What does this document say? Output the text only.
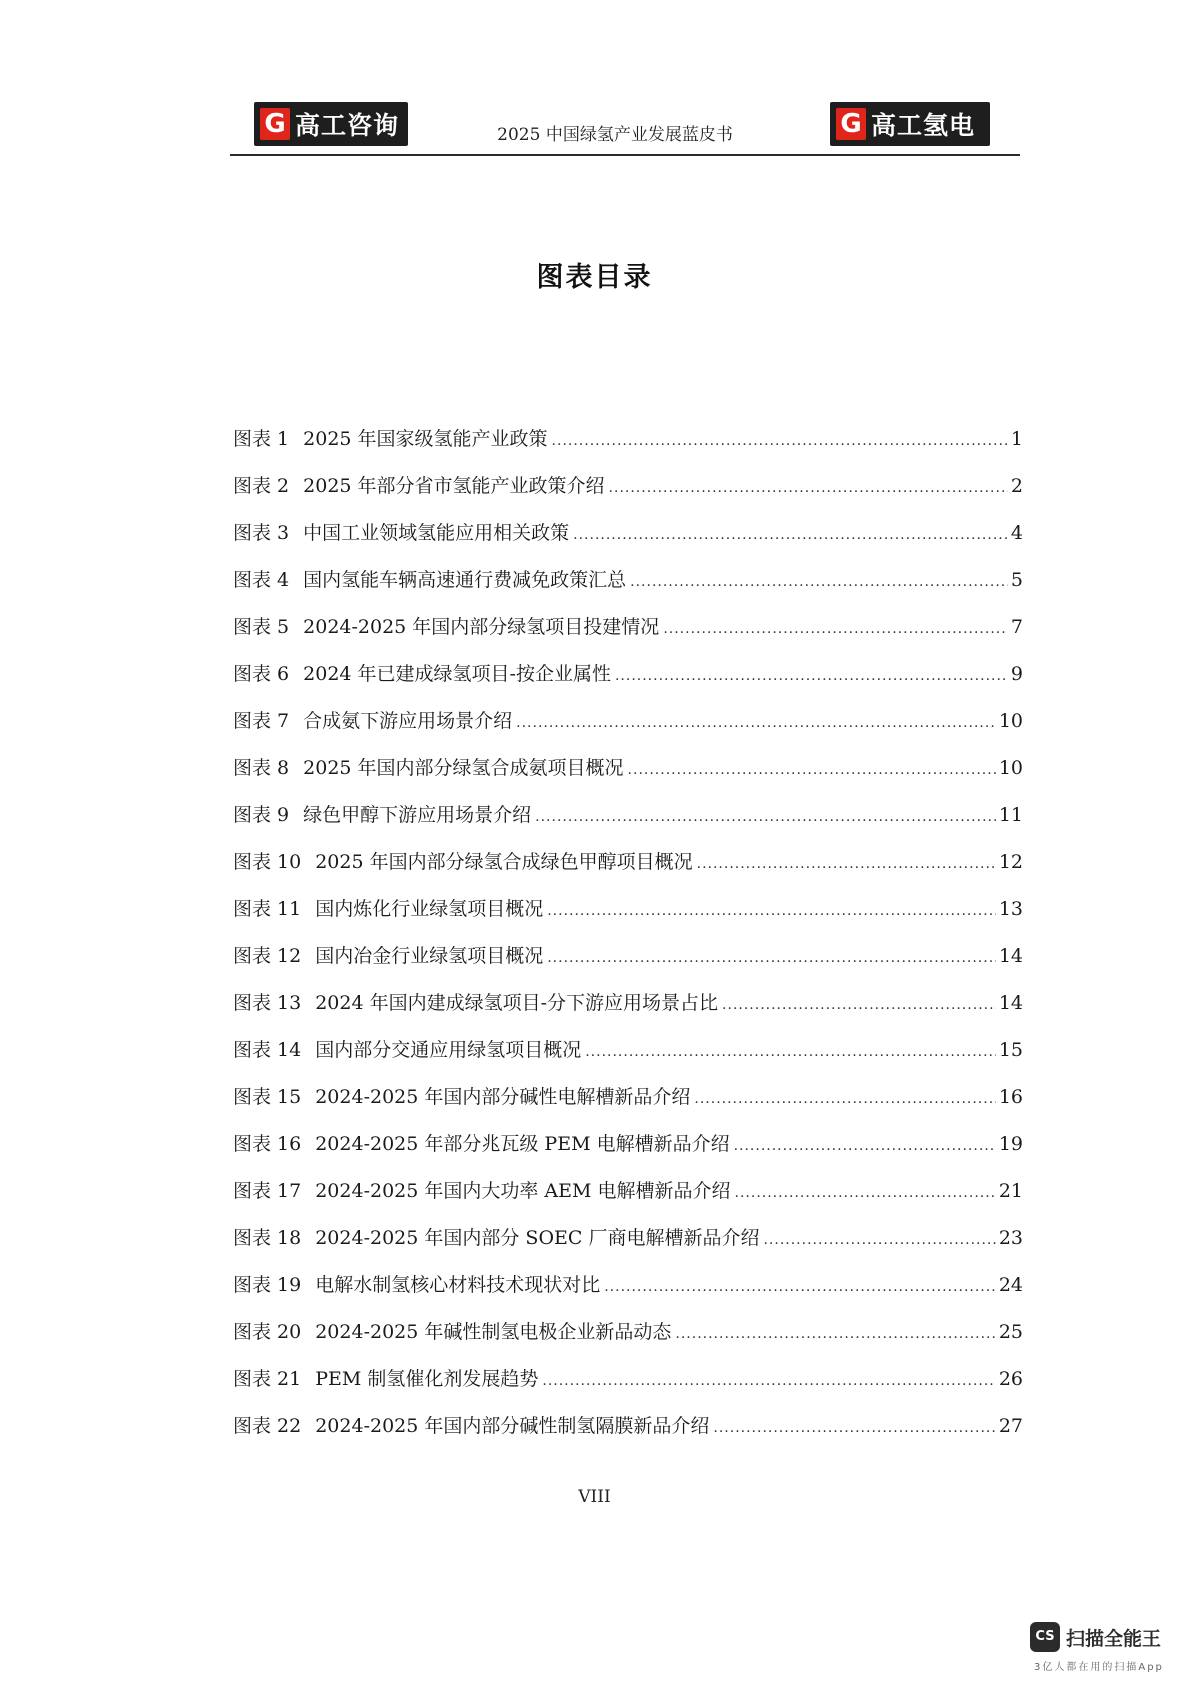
G 高工咨询	2025 中国绿氢产业发展蓝皮书	G 高工氢电
图表目录
图表 1 2025 年国家级氢能产业政策 .....	1
图表 2 2025 年部分省市氢能产业政策介绍 .....	2
图表 3 中国工业领域氢能应用相关政策 .....	4
图表 4 国内氢能车辆高速通行费减免政策汇总 .....	5
图表 5 2024-2025 年国内部分绿氢项目投建情况 .....	7
图表 6 2024 年已建成绿氢项目-按企业属性 .....	9
图表 7 合成氨下游应用场景介绍 .....	10
图表 8 2025 年国内部分绿氢合成氨项目概况 .....	10
图表 9 绿色甲醇下游应用场景介绍 .....	11
图表 10 2025 年国内部分绿氢合成绿色甲醇项目概况 .....	12
图表 11 国内炼化行业绿氢项目概况 .....	13
图表 12 国内冶金行业绿氢项目概况 .....	14
图表 13 2024 年国内建成绿氢项目-分下游应用场景占比 .....	14
图表 14 国内部分交通应用绿氢项目概况 .....	15
图表 15 2024-2025 年国内部分碱性电解槽新品介绍 .....	16
图表 16 2024-2025 年部分兆瓦级 PEM 电解槽新品介绍 .....	19
图表 17 2024-2025 年国内大功率 AEM 电解槽新品介绍 .....	21
图表 18 2024-2025 年国内部分 SOEC 厂商电解槽新品介绍 .....	23
图表 19 电解水制氢核心材料技术现状对比 .....	24
图表 20 2024-2025 年碱性制氢电极企业新品动态 .....	25
图表 21 PEM 制氢催化剂发展趋势 .....	26
图表 22 2024-2025 年国内部分碱性制氢隔膜新品介绍 .....	27
VIII
CS 扫描全能王
3亿人都在用的扫描App
